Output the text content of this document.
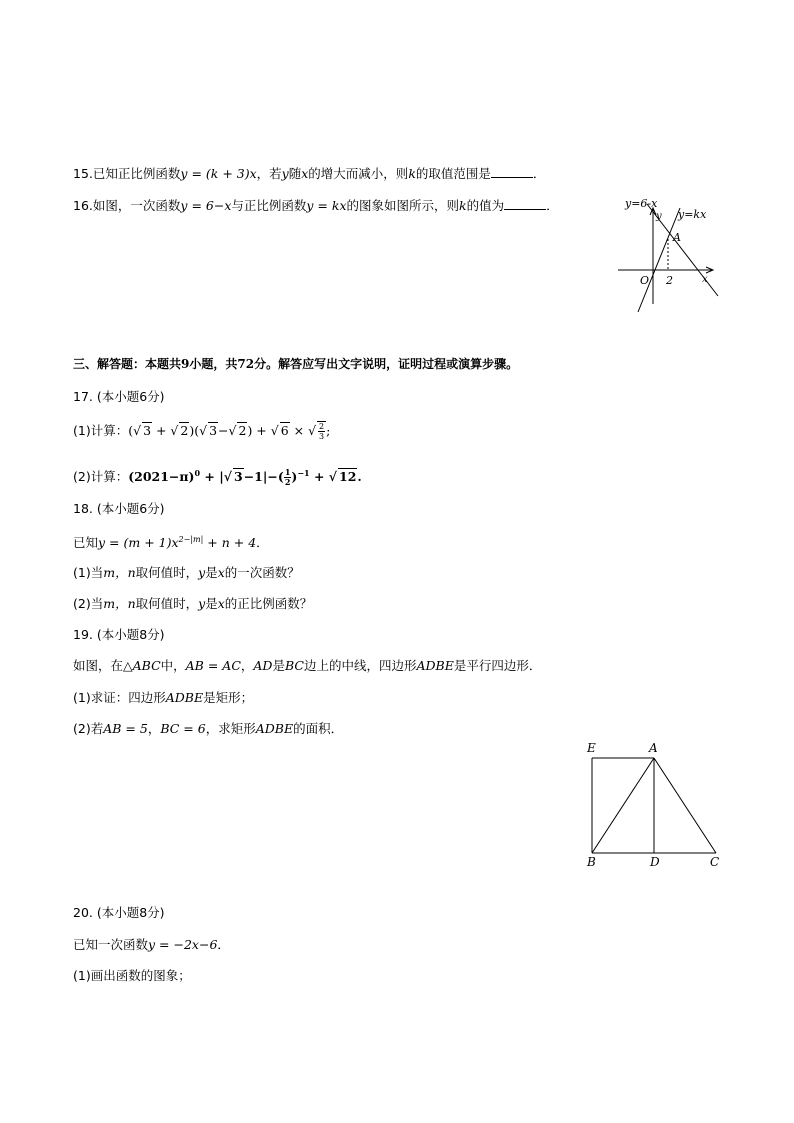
15.已知正比例函数y = (k + 3)x，若y随x的增大而减小，则k的取值范围是	．
16.如图，一次函数y = 6−x与正比例函数y = kx的图象如图所示，则k的值为	．	y=6-x
y=kx
y
x
O
A
2
三、解答题：本题共9小题，共72分。解答应写出文字说明，证明过程或演算步骤。
17. (本小题6分)
(1)计算：(√ 3 + √ 2)(√ 3−√ 2) + √ 6 × √ $\frac{2}{3}$ ;
(2)计算：$(2021-\pi)^0$ + |√ $3-1|-( \frac{1}{2} )^{-1}$ + √ 12.
18. (本小题6分)
已知$y = (m + 1)x^{2-|m|} + n + 4$．
(1)当m，n取何值时，y是x的一次函数？
(2)当m，n取何值时，y是x的正比例函数？
19. (本小题8分)
如图，在△ABC中，AB = AC，AD是BC边上的中线，四边形ADBE是平行四边形．
(1)求证：四边形ADBE是矩形；
(2)若AB = 5，BC = 6，求矩形ADBE的面积．
E	A
B	D	C
20. (本小题8分)
已知一次函数y = −2x−6．
(1)画出函数的图象；
